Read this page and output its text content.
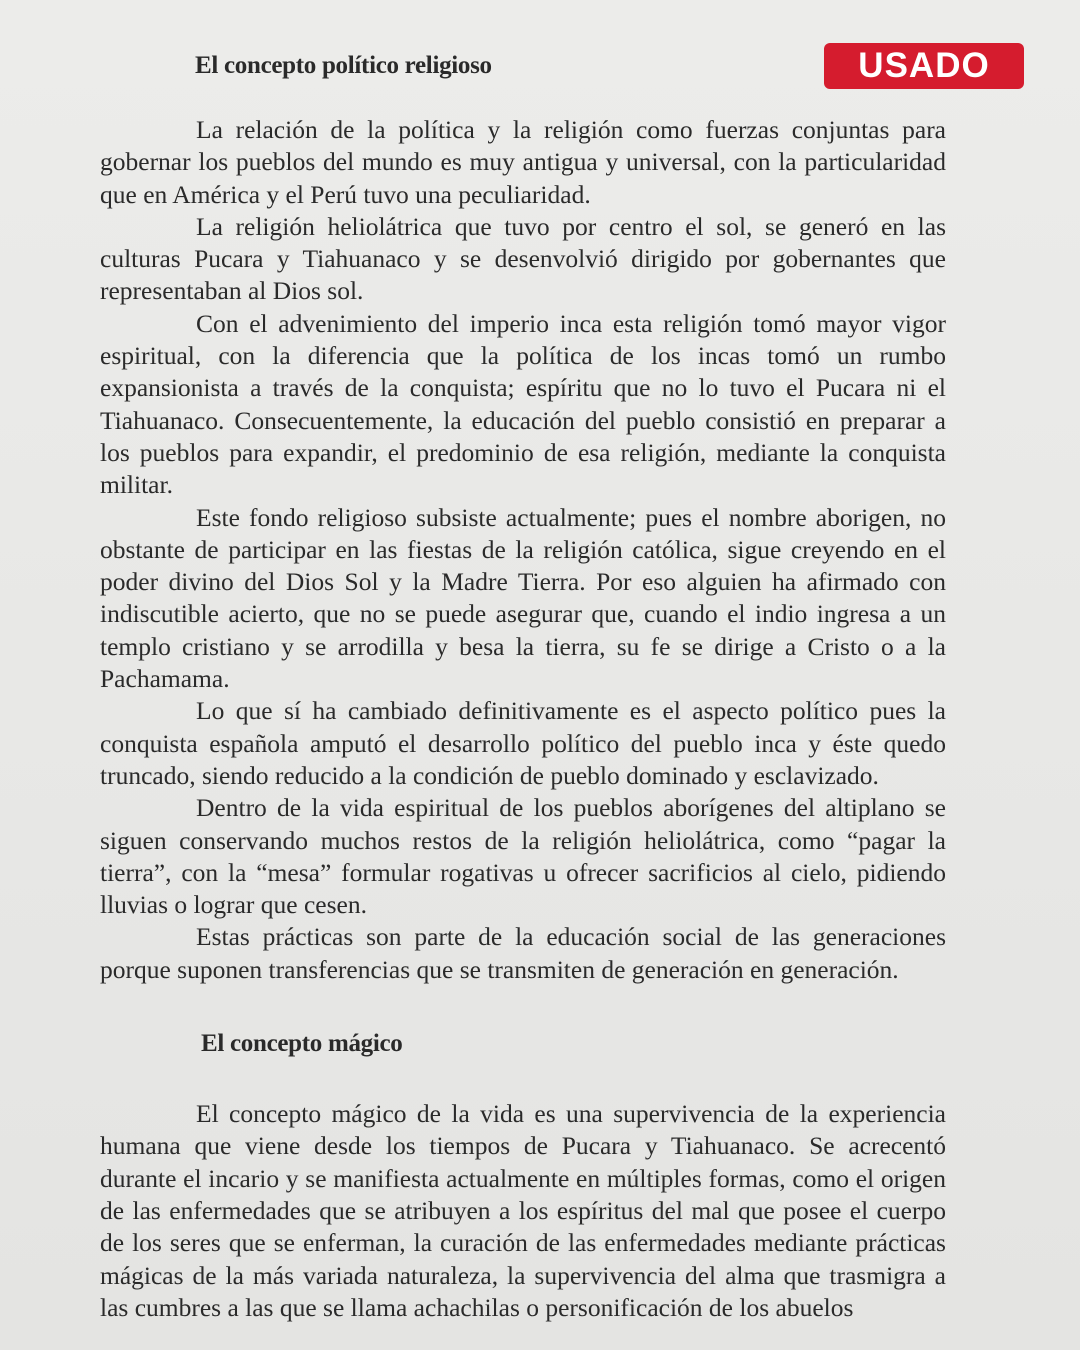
El concepto político religioso

La relación de la política y la religión como fuerzas conjuntas para gobernar los pueblos del mundo es muy antigua y universal, con la particularidad que en América y el Perú tuvo una peculiaridad.

La religión heliolátrica que tuvo por centro el sol, se generó en las culturas Pucara y Tiahuanaco y se desenvolvió dirigido por gobernantes que representaban al Dios sol.

Con el advenimiento del imperio inca esta religión tomó mayor vigor espiritual, con la diferencia que la política de los incas tomó un rumbo expansionista a través de la conquista; espíritu que no lo tuvo el Pucara ni el Tiahuanaco. Consecuentemente, la educación del pueblo consistió en preparar a los pueblos para expandir, el predominio de esa religión, mediante la conquista militar.

Este fondo religioso subsiste actualmente; pues el nombre aborigen, no obstante de participar en las fiestas de la religión católica, sigue creyendo en el poder divino del Dios Sol y la Madre Tierra. Por eso alguien ha afirmado con indiscutible acierto, que no se puede asegurar que, cuando el indio ingresa a un templo cristiano y se arrodilla y besa la tierra, su fe se dirige a Cristo o a la Pachamama.

Lo que sí ha cambiado definitivamente es el aspecto político pues la conquista española amputó el desarrollo político del pueblo inca y éste quedo truncado, siendo reducido a la condición de pueblo dominado y esclavizado.

Dentro de la vida espiritual de los pueblos aborígenes del altiplano se siguen conservando muchos restos de la religión heliolátrica, como “pagar la tierra”, con la “mesa” formular rogativas u ofrecer sacrificios al cielo, pidiendo lluvias o lograr que cesen.

Estas prácticas son parte de la educación social de las generaciones porque suponen transferencias que se transmiten de generación en generación.

El concepto mágico

El concepto mágico de la vida es una supervivencia de la experiencia humana que viene desde los tiempos de Pucara y Tiahuanaco. Se acrecentó durante el incario y se manifiesta actualmente en múltiples formas, como el origen de las enfermedades que se atribuyen a los espíritus del mal que posee el cuerpo de los seres que se enferman, la curación de las enfermedades mediante prácticas mágicas de la más variada naturaleza, la supervivencia del alma que trasmigra a las cumbres a las que se llama achachilas o personificación de los abuelos

USADO
